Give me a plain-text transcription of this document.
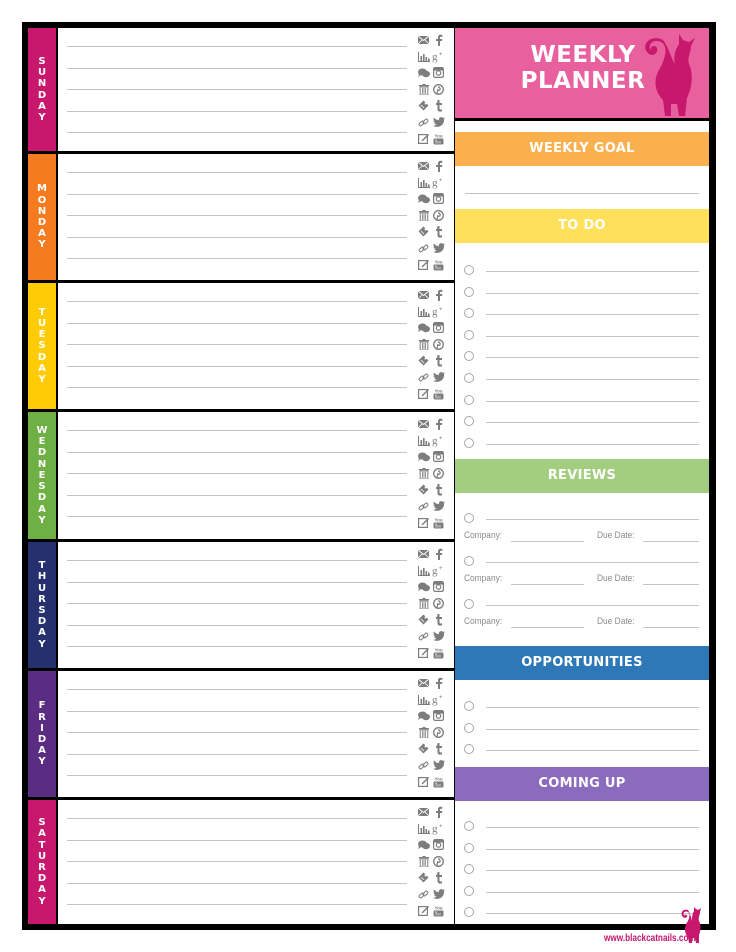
S
U
N
D
A
Y
g +
You
M
O
N
D
A
Y
g +
You
T
U
E
S
D
A
Y
g +
You
W
E
D
N
E
S
D
A
Y
g +
You
T
H
U
R
S
D
A
Y
g +
You
F
R
I
D
A
Y
g +
You
S
A
T
U
R
D
A
Y
g +
You
WEEKLY
PLANNER
WEEKLY GOAL
TO DO
REVIEWS
Company:	Due Date:
Company:	Due Date:
Company:	Due Date:
OPPORTUNITIES
COMING UP
www.blackcatnails.com
